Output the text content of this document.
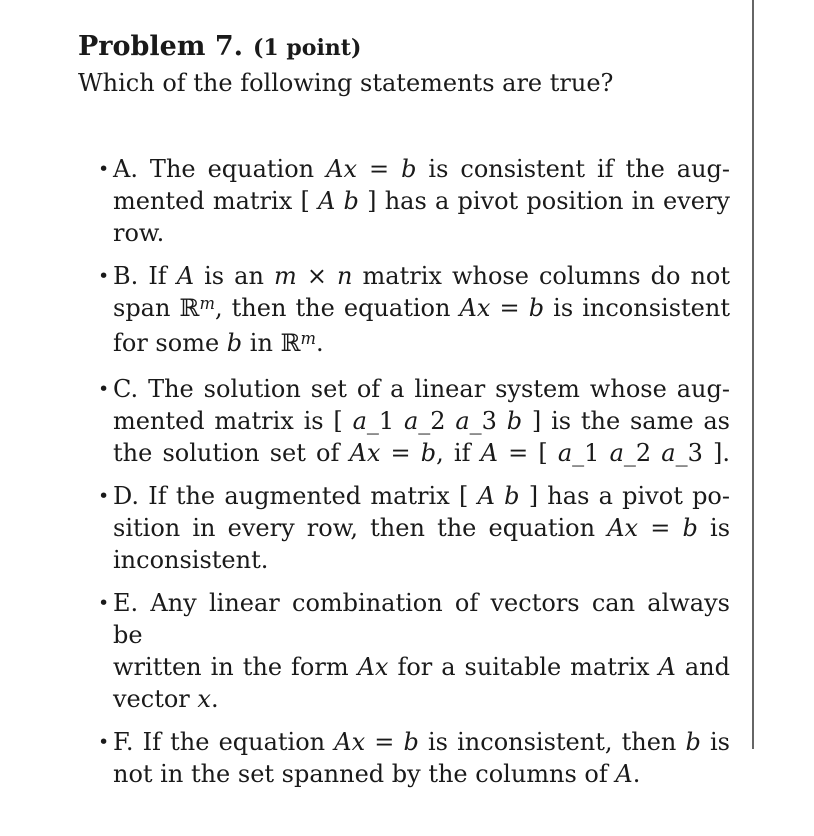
Problem 7. (1 point)
Which of the following statements are true?
• A. The equation Ax = b is consistent if the aug-
mented matrix [ A b ] has a pivot position in every
row.
• B. If A is an m × n matrix whose columns do not
span ℝ$^m$, then the equation Ax = b is inconsistent
for some b in ℝ$^m$.
• C. The solution set of a linear system whose aug-
mented matrix is [ a_1 a_2 a_3 b ] is the same as
the solution set of Ax = b, if A = [ a_1 a_2 a_3 ].
• D. If the augmented matrix [ A b ] has a pivot po-
sition in every row, then the equation Ax = b is
inconsistent.
• E. Any linear combination of vectors can always be
written in the form Ax for a suitable matrix A and
vector x.
• F. If the equation Ax = b is inconsistent, then b is
not in the set spanned by the columns of A.
